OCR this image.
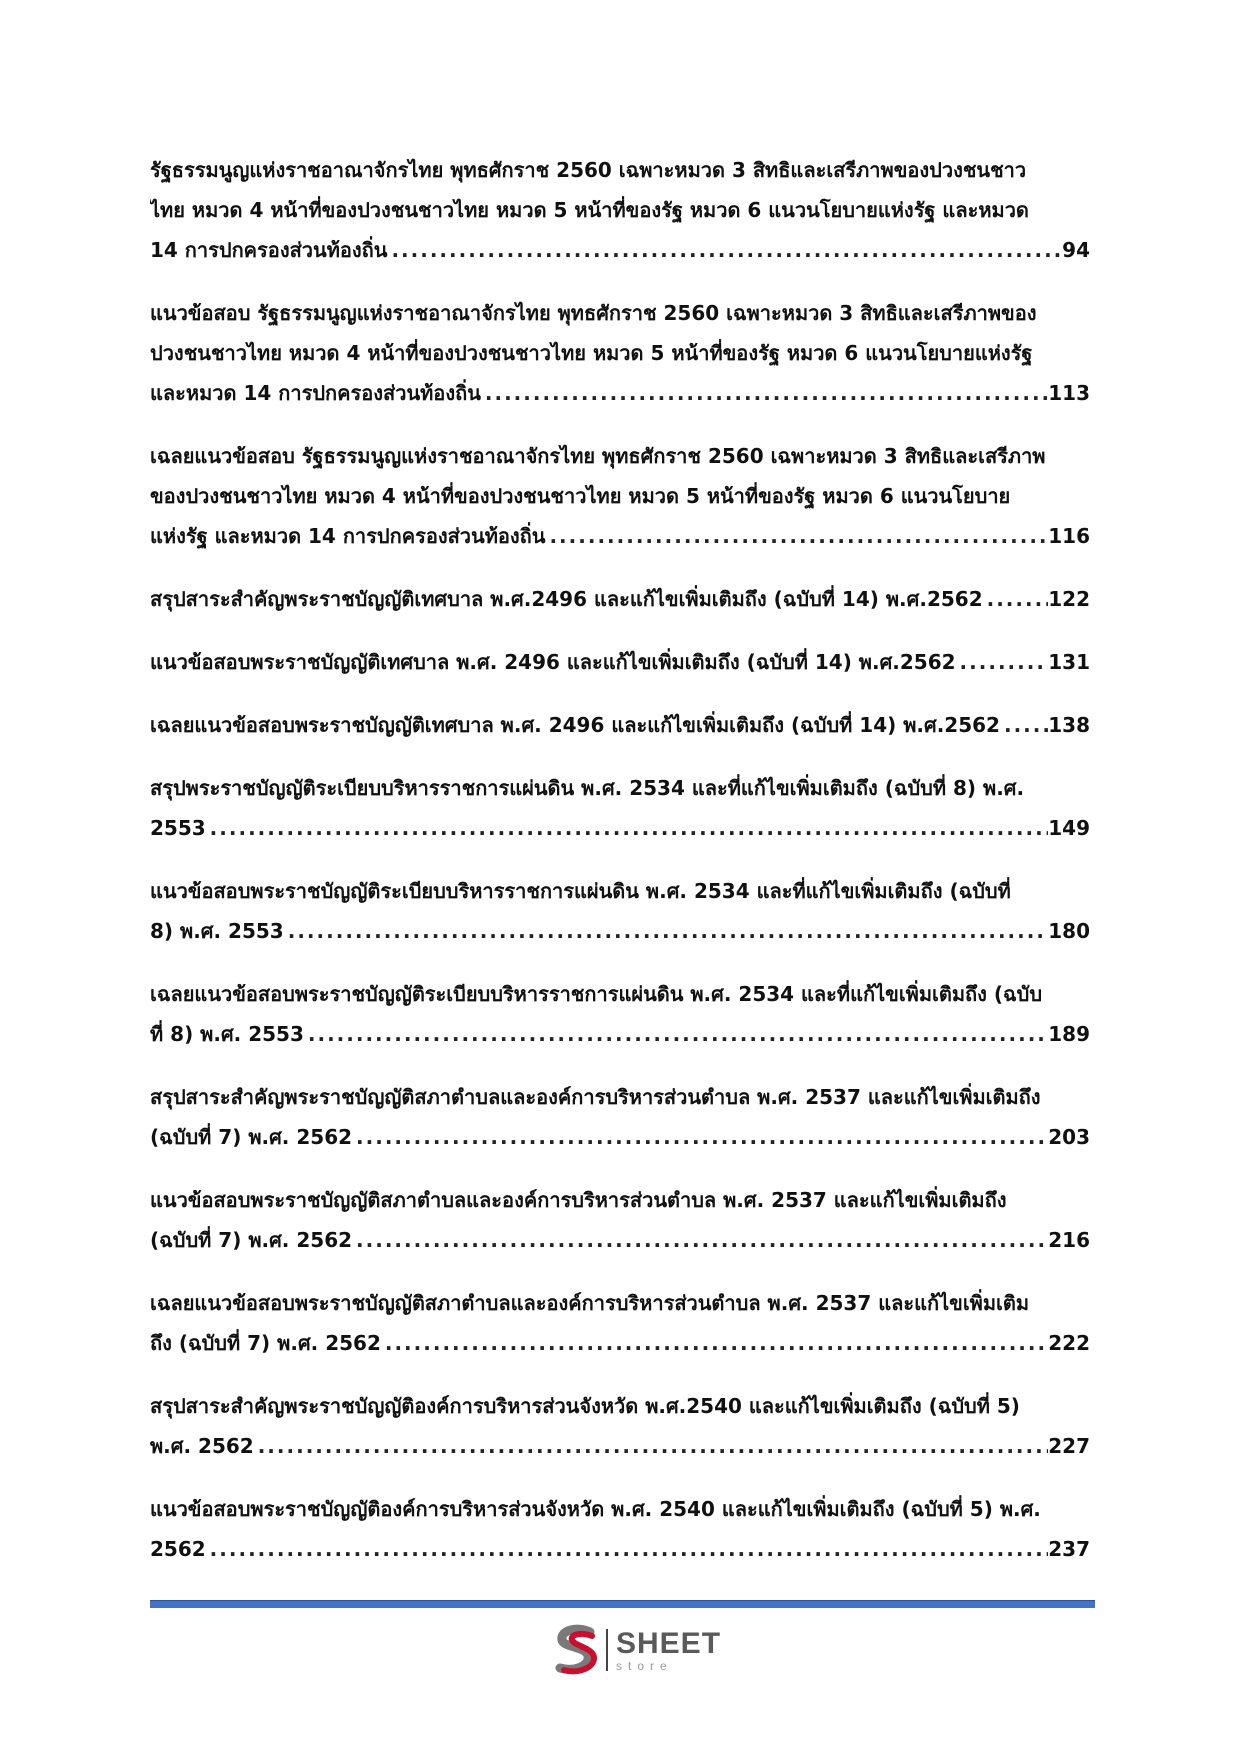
รัฐธรรมนูญแห่งราชอาณาจักรไทย พุทธศักราช 2560 เฉพาะหมวด 3 สิทธิและเสรีภาพของปวงชนชาว
ไทย หมวด 4 หน้าที่ของปวงชนชาวไทย หมวด 5 หน้าที่ของรัฐ หมวด 6 แนวนโยบายแห่งรัฐ และหมวด
14 การปกครองส่วนท้องถิ่น .....	94
แนวข้อสอบ รัฐธรรมนูญแห่งราชอาณาจักรไทย พุทธศักราช 2560 เฉพาะหมวด 3 สิทธิและเสรีภาพของ
ปวงชนชาวไทย หมวด 4 หน้าที่ของปวงชนชาวไทย หมวด 5 หน้าที่ของรัฐ หมวด 6 แนวนโยบายแห่งรัฐ
และหมวด 14 การปกครองส่วนท้องถิ่น .....	113
เฉลยแนวข้อสอบ รัฐธรรมนูญแห่งราชอาณาจักรไทย พุทธศักราช 2560 เฉพาะหมวด 3 สิทธิและเสรีภาพ
ของปวงชนชาวไทย หมวด 4 หน้าที่ของปวงชนชาวไทย หมวด 5 หน้าที่ของรัฐ หมวด 6 แนวนโยบาย
แห่งรัฐ และหมวด 14 การปกครองส่วนท้องถิ่น .....	116
สรุปสาระสำคัญพระราชบัญญัติเทศบาล พ.ศ.2496 และแก้ไขเพิ่มเติมถึง (ฉบับที่ 14) พ.ศ.2562 .....	122
แนวข้อสอบพระราชบัญญัติเทศบาล พ.ศ. 2496 และแก้ไขเพิ่มเติมถึง (ฉบับที่ 14) พ.ศ.2562 .....	131
เฉลยแนวข้อสอบพระราชบัญญัติเทศบาล พ.ศ. 2496 และแก้ไขเพิ่มเติมถึง (ฉบับที่ 14) พ.ศ.2562 ..... 138
สรุปพระราชบัญญัติระเบียบบริหารราชการแผ่นดิน พ.ศ. 2534 และที่แก้ไขเพิ่มเติมถึง (ฉบับที่ 8) พ.ศ.
2553 .....	149
แนวข้อสอบพระราชบัญญัติระเบียบบริหารราชการแผ่นดิน พ.ศ. 2534 และที่แก้ไขเพิ่มเติมถึง (ฉบับที่
8) พ.ศ. 2553 .....	180
เฉลยแนวข้อสอบพระราชบัญญัติระเบียบบริหารราชการแผ่นดิน พ.ศ. 2534 และที่แก้ไขเพิ่มเติมถึง (ฉบับ
ที่ 8) พ.ศ. 2553 .....	189
สรุปสาระสำคัญพระราชบัญญัติสภาตำบลและองค์การบริหารส่วนตำบล พ.ศ. 2537 และแก้ไขเพิ่มเติมถึง
(ฉบับที่ 7) พ.ศ. 2562 .....	203
แนวข้อสอบพระราชบัญญัติสภาตำบลและองค์การบริหารส่วนตำบล พ.ศ. 2537 และแก้ไขเพิ่มเติมถึง
(ฉบับที่ 7) พ.ศ. 2562 .....	216
เฉลยแนวข้อสอบพระราชบัญญัติสภาตำบลและองค์การบริหารส่วนตำบล พ.ศ. 2537 และแก้ไขเพิ่มเติม
ถึง (ฉบับที่ 7) พ.ศ. 2562 .....	222
สรุปสาระสำคัญพระราชบัญญัติองค์การบริหารส่วนจังหวัด พ.ศ.2540 และแก้ไขเพิ่มเติมถึง (ฉบับที่ 5)
พ.ศ. 2562 .....	227
แนวข้อสอบพระราชบัญญัติองค์การบริหารส่วนจังหวัด พ.ศ. 2540 และแก้ไขเพิ่มเติมถึง (ฉบับที่ 5) พ.ศ.
2562 .....	237
SHEET
store
